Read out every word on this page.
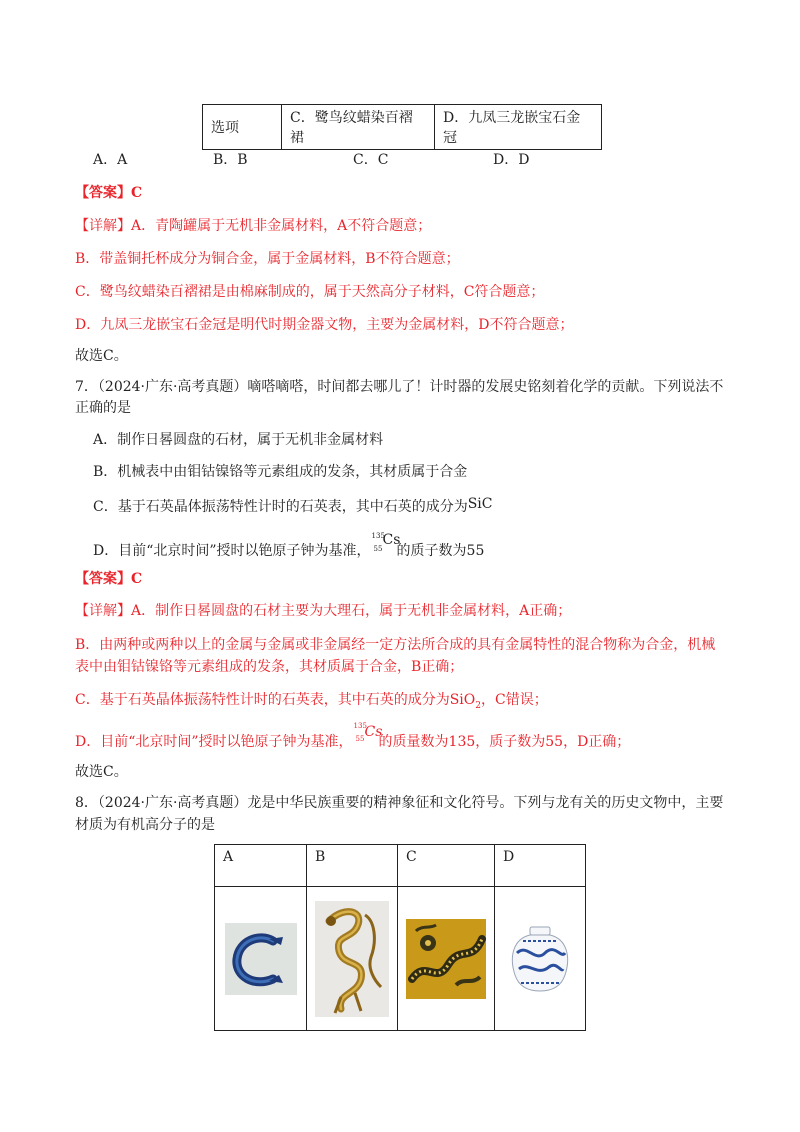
选项	C．鹭鸟纹蜡染百褶裙	D．九凤三龙嵌宝石金冠
A．A	B．B	C．C	D．D
【答案】C
【详解】A．青陶罐属于无机非金属材料，A不符合题意；
B．带盖铜托杯成分为铜合金，属于金属材料，B不符合题意；
C．鹭鸟纹蜡染百褶裙是由棉麻制成的，属于天然高分子材料，C符合题意；
D．九凤三龙嵌宝石金冠是明代时期金器文物，主要为金属材料，D不符合题意；
故选C。
7．（2024·广东·高考真题）嘀嗒嘀嗒，时间都去哪儿了！计时器的发展史铭刻着化学的贡献。下列说法不
正确的是
A．制作日晷圆盘的石材，属于无机非金属材料
B．机械表中由钼钴镍铬等元素组成的发条，其材质属于合金
C．基于石英晶体振荡特性计时的石英表，其中石英的成分为SiC
D．目前“北京时间”授时以铯原子钟为基准，
135
55
Cs
的质子数为55
【答案】C
【详解】A．制作日晷圆盘的石材主要为大理石，属于无机非金属材料，A正确；
B．由两种或两种以上的金属与金属或非金属经一定方法所合成的具有金属特性的混合物称为合金，机械
表中由钼钴镍铬等元素组成的发条，其材质属于合金，B正确；
C．基于石英晶体振荡特性计时的石英表，其中石英的成分为SiO$_2$，C错误；
D．目前“北京时间”授时以铯原子钟为基准，
135
55 Cs
的质量数为135，质子数为55，D正确；
故选C。
8．（2024·广东·高考真题）龙是中华民族重要的精神象征和文化符号。下列与龙有关的历史文物中，主要
材质为有机高分子的是
A	B	C	D
